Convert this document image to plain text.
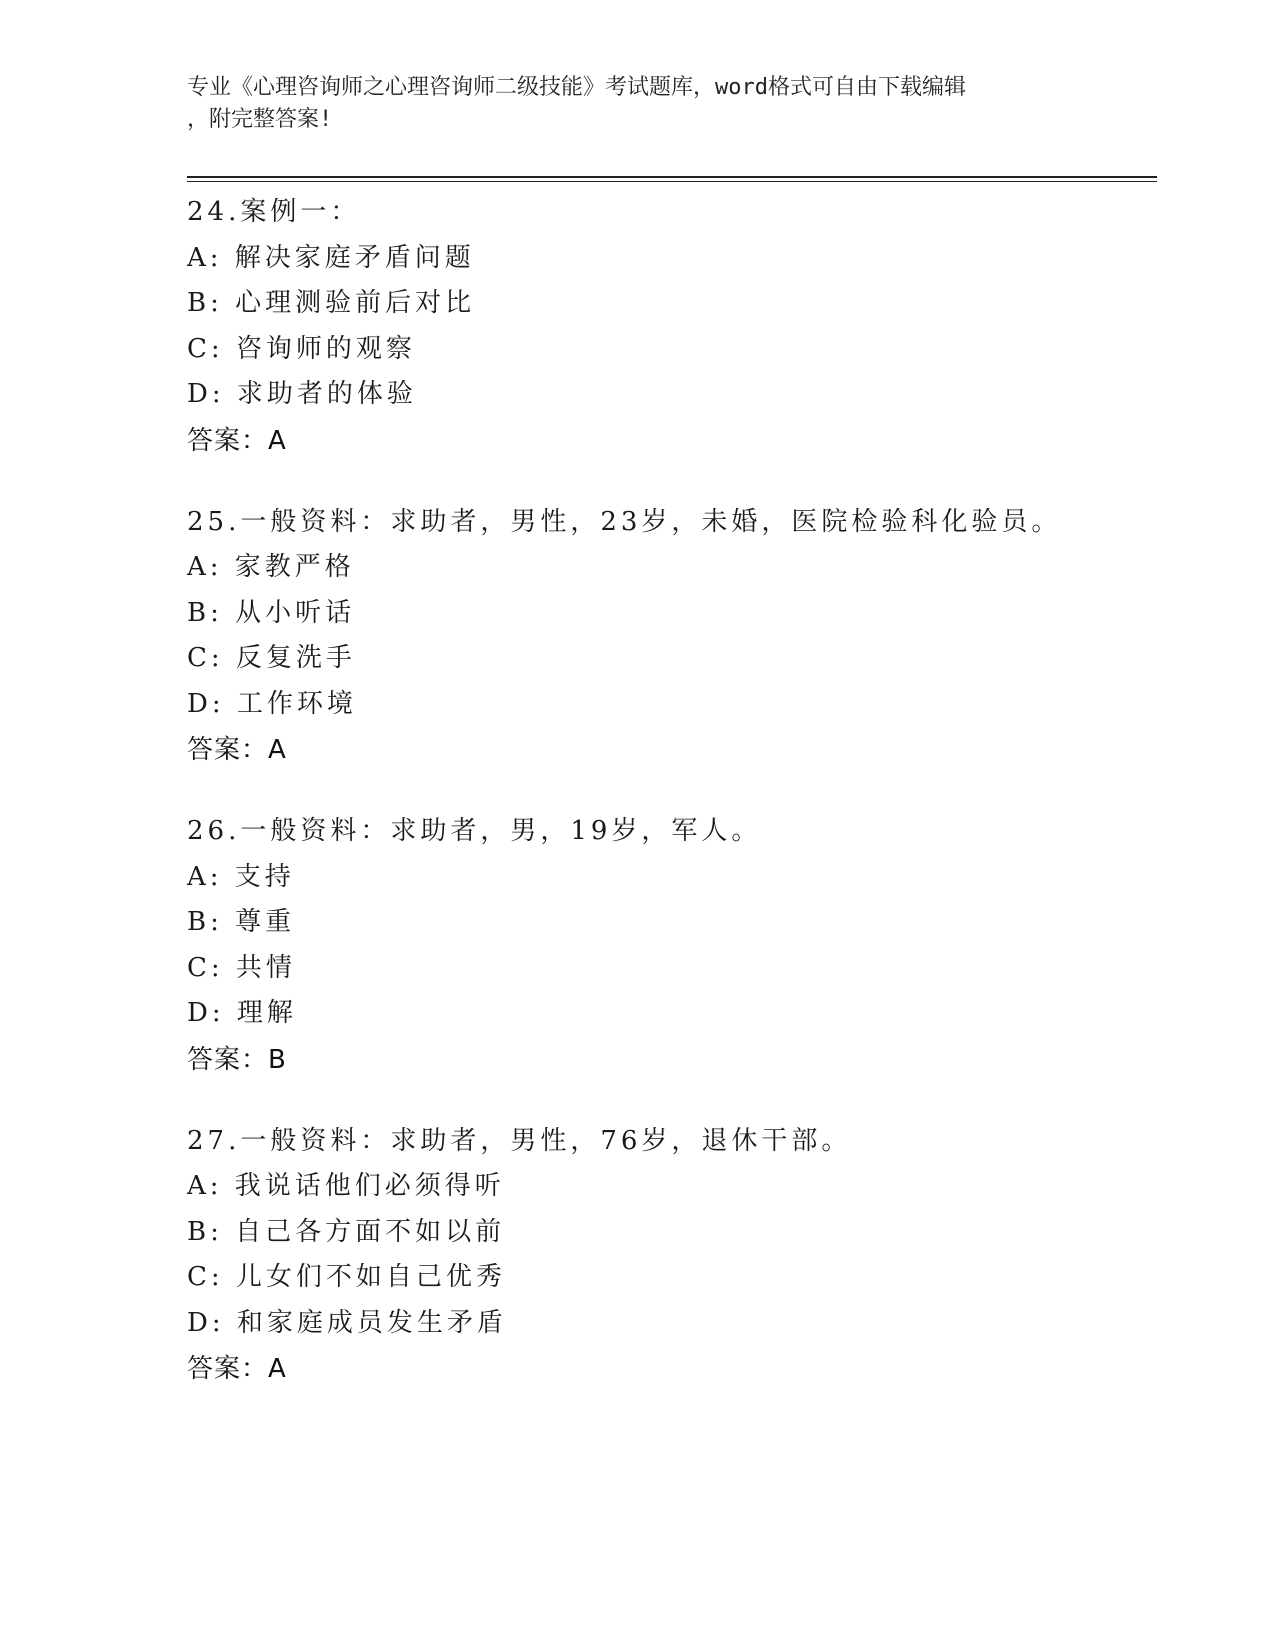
专业《心理咨询师之心理咨询师二级技能》考试题库，word格式可自由下载编辑
，附完整答案!
24.案例一：
A: 解决家庭矛盾问题
B: 心理测验前后对比
C: 咨询师的观察
D: 求助者的体验
答案：A
25.一般资料：求助者，男性，23岁，未婚，医院检验科化验员。
A: 家教严格
B: 从小听话
C: 反复洗手
D: 工作环境
答案：A
26.一般资料：求助者，男，19岁，军人。
A: 支持
B: 尊重
C: 共情
D: 理解
答案：B
27.一般资料：求助者，男性，76岁，退休干部。
A: 我说话他们必须得听
B: 自己各方面不如以前
C: 儿女们不如自己优秀
D: 和家庭成员发生矛盾
答案：A
